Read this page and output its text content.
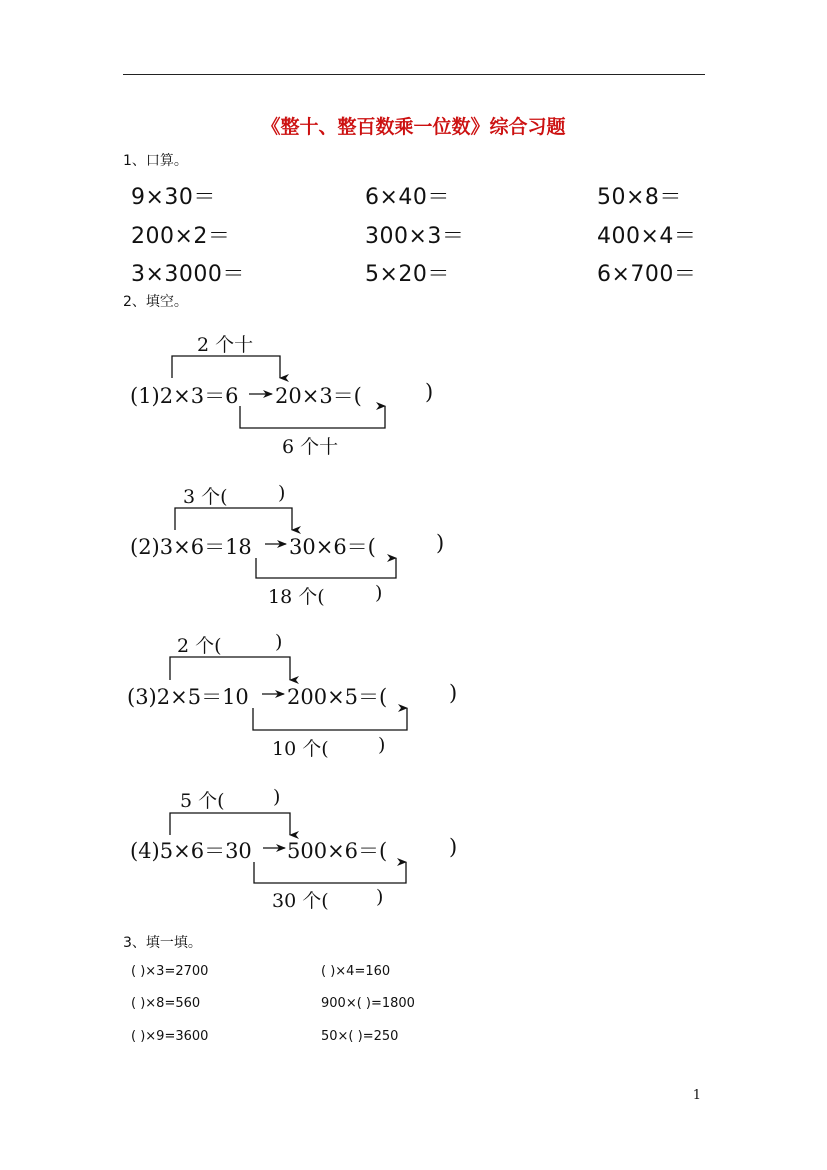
《整十、整百数乘一位数》综合习题
1、口算。
9×30＝	6×40＝	50×8＝
200×2＝	300×3＝	400×4＝
3×3000＝	5×20＝	6×700＝
2、填空。
2 个十
(1)2×3＝6 20×3＝(	)
6 个十
3 个(	)
(2)3×6＝18 30×6＝(	)
18 个(	)
2 个(	)
(3)2×5＝10 200×5＝(	)
10 个(	)
5 个(	)
(4)5×6＝30 500×6＝(	)
30 个( )
3、填一填。
( )×3=2700	( )×4=160
( )×8=560	900×( )=1800
( )×9=3600	50×( )=250
1
